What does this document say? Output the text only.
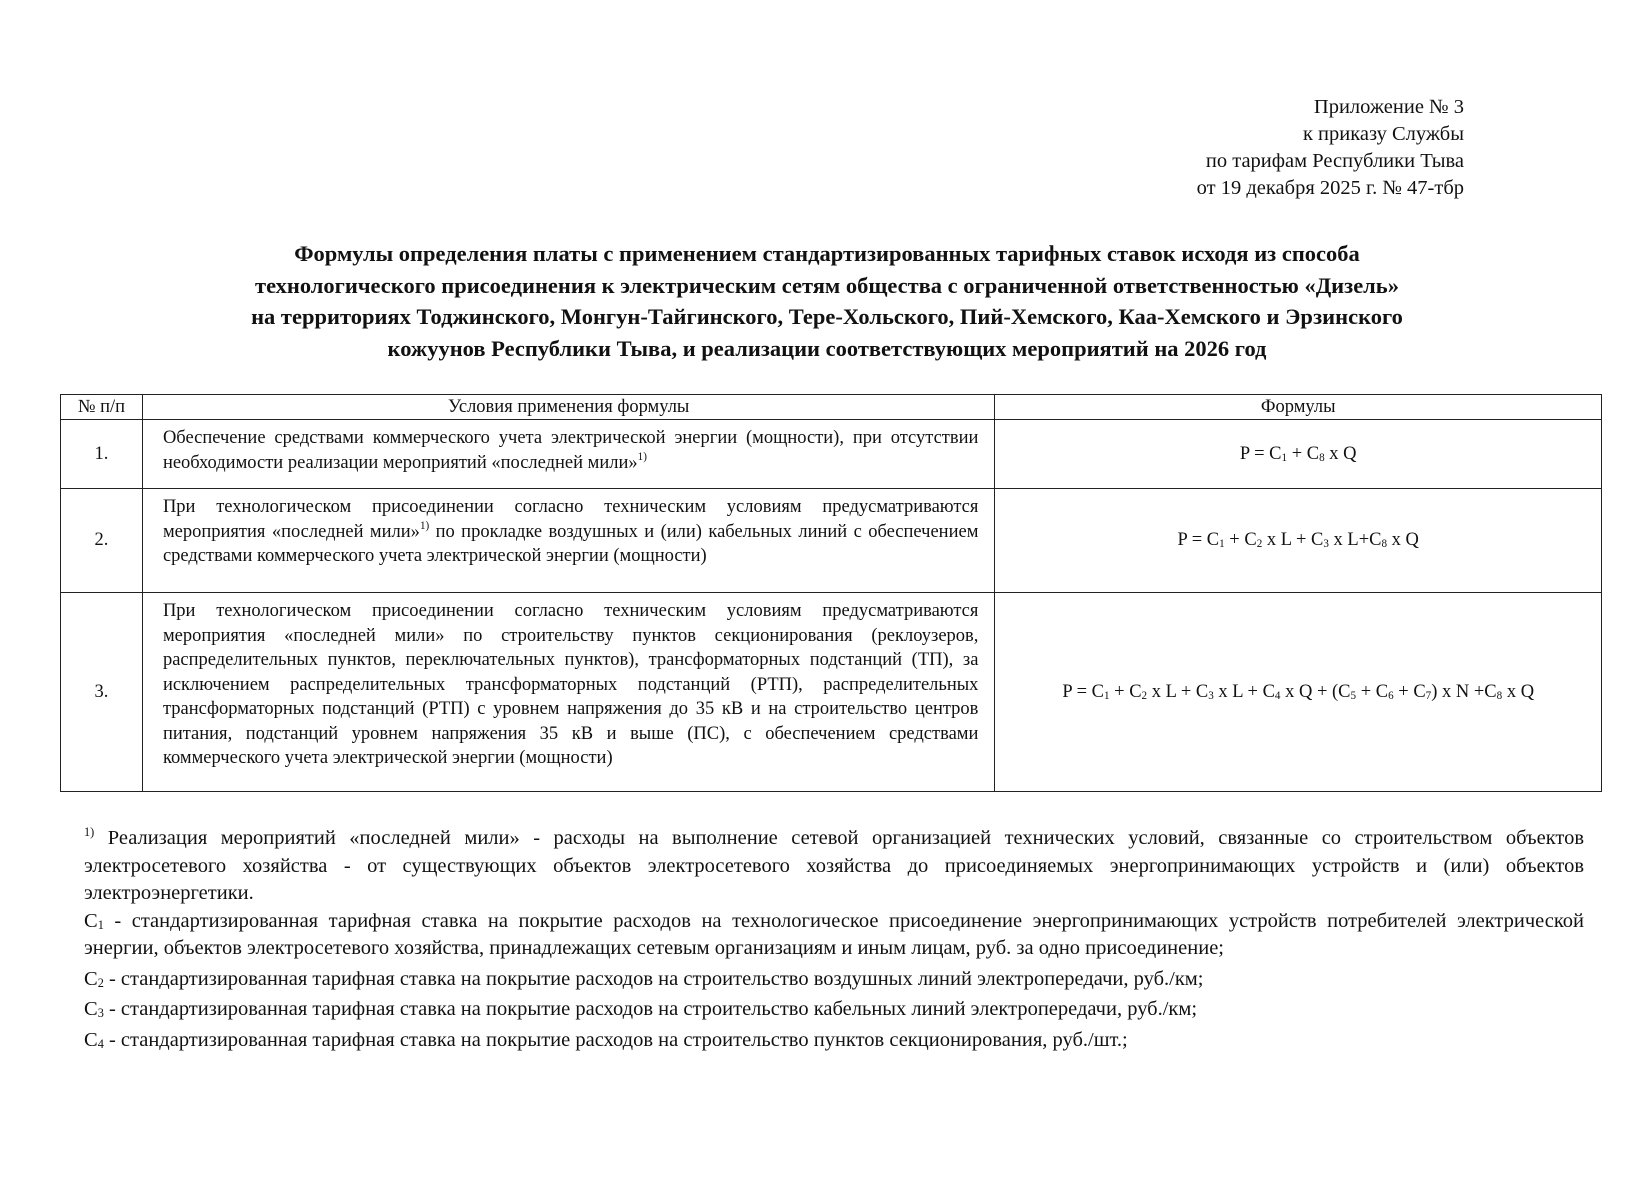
Приложение № 3
к приказу Службы
по тарифам Республики Тыва
от 19 декабря 2025 г. № 47-тбр
Формулы определения платы с применением стандартизированных тарифных ставок исходя из способа
технологического присоединения к электрическим сетям общества с ограниченной ответственностью «Дизель»
на территориях Тоджинского, Монгун-Тайгинского, Тере-Хольского, Пий-Хемского, Каа-Хемского и Эрзинского
кожуунов Республики Тыва, и реализации соответствующих мероприятий на 2026 год
№ п/п	Условия применения формулы	Формулы
1.	Обеспечение средствами коммерческого учета электрической энергии (мощности), при отсутствии необходимости реализации мероприятий «последней мили»$^{1)}$	$P = C_1 + C_8$ x Q
2.	При технологическом присоединении согласно техническим условиям предусматриваются мероприятия «последней мили»$^{1)}$ по прокладке воздушных и (или) кабельных линий с обеспечением средствами коммерческого учета электрической энергии (мощности)	$P = C_1 + C_2$ x $L + C_3$ x $L+C_8$ x Q
3.	При технологическом присоединении согласно техническим условиям предусматриваются мероприятия «последней мили» по строительству пунктов секционирования (реклоузеров, распределительных пунктов, переключательных пунктов), трансформаторных подстанций (ТП), за исключением распределительных трансформаторных подстанций (РТП), распределительных трансформаторных подстанций (РТП) с уровнем напряжения до 35 кВ и на строительство центров питания, подстанций уровнем напряжения 35 кВ и выше (ПС), с обеспечением средствами коммерческого учета электрической энергии (мощности)	$P = C_1 + C_2$ x $L + C_3$ x $L + C_4$ x $Q + (C_5 + C_6 + C_7)$ x $N +C_8$ x Q

$^{1)}$ Реализация мероприятий «последней мили» - расходы на выполнение сетевой организацией технических условий, связанные со строительством объектов электросетевого хозяйства - от существующих объектов электросетевого хозяйства до присоединяемых энергопринимающих устройств и (или) объектов электроэнергетики.

$C_1$ - стандартизированная тарифная ставка на покрытие расходов на технологическое присоединение энергопринимающих устройств потребителей электрической энергии, объектов электросетевого хозяйства, принадлежащих сетевым организациям и иным лицам, руб. за одно присоединение;

$C_2$ - стандартизированная тарифная ставка на покрытие расходов на строительство воздушных линий электропередачи, руб./км;

$C_3$ - стандартизированная тарифная ставка на покрытие расходов на строительство кабельных линий электропередачи, руб./км;

$C_4$ - стандартизированная тарифная ставка на покрытие расходов на строительство пунктов секционирования, руб./шт.;
